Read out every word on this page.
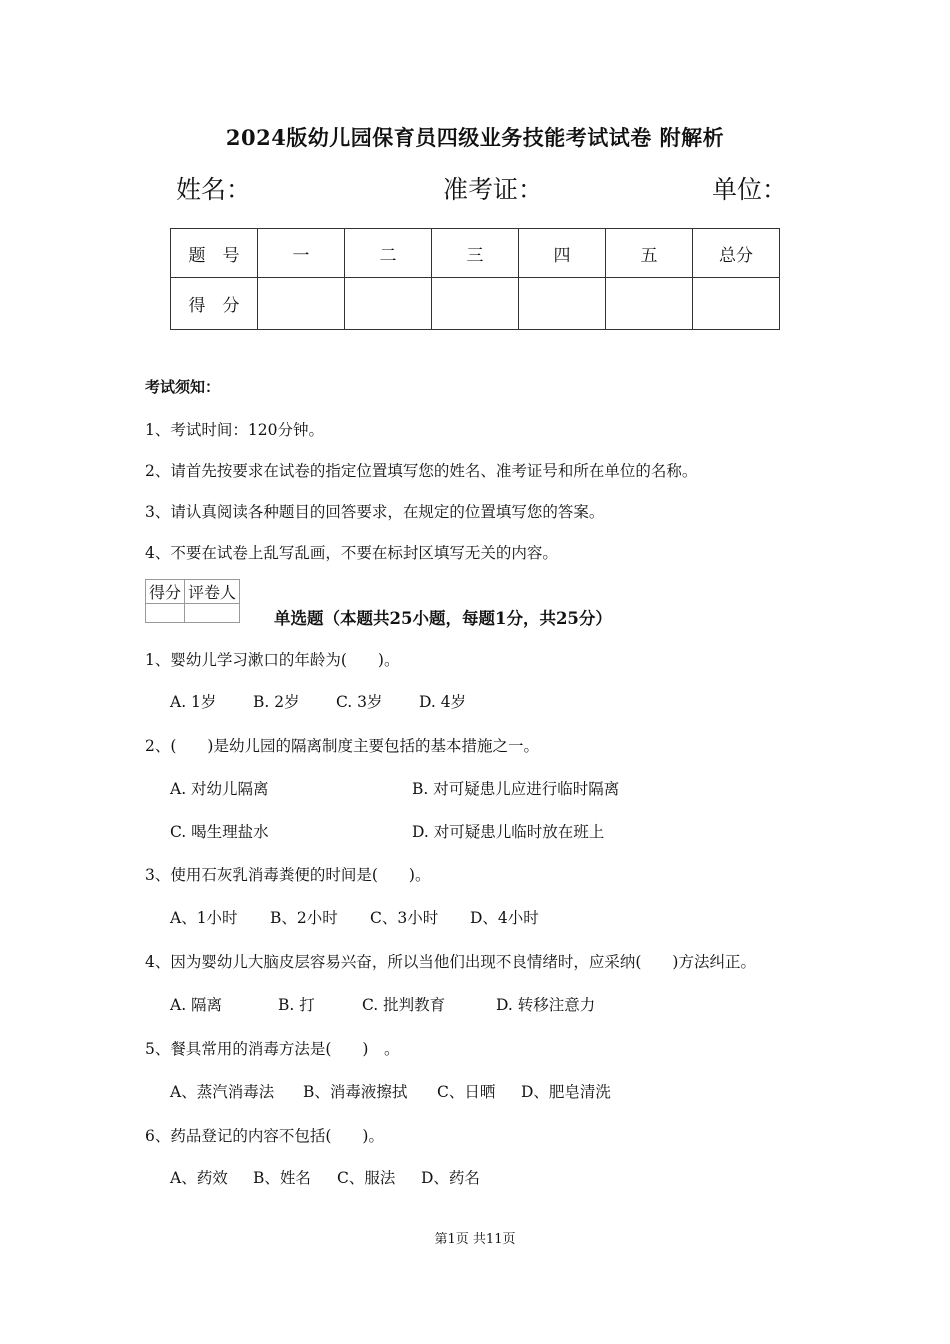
2024版幼儿园保育员四级业务技能考试试卷 附解析
姓名：	准考证：	单位：
题　号	一	二	三	四	五	总分
得　分						
考试须知：
1、考试时间：120分钟。
2、请首先按要求在试卷的指定位置填写您的姓名、准考证号和所在单位的名称。
3、请认真阅读各种题目的回答要求，在规定的位置填写您的答案。
4、不要在试卷上乱写乱画，不要在标封区填写无关的内容。
得分	评卷人

单选题（本题共25小题，每题1分，共25分）
1、婴幼儿学习漱口的年龄为(　　)。
A. 1岁 B. 2岁 C. 3岁 D. 4岁
2、(　　)是幼儿园的隔离制度主要包括的基本措施之一。
A. 对幼儿隔离	B. 对可疑患儿应进行临时隔离
C. 喝生理盐水	D. 对可疑患儿临时放在班上
3、使用石灰乳消毒粪便的时间是(　　)。
A、1小时 B、2小时 C、3小时 D、4小时
4、因为婴幼儿大脑皮层容易兴奋，所以当他们出现不良情绪时，应采纳(　　)方法纠正。
A. 隔离	B. 打	C. 批判教育	D. 转移注意力
5、餐具常用的消毒方法是(　　)　。
A、蒸汽消毒法 B、消毒液擦拭 C、日晒 D、肥皂清洗
6、药品登记的内容不包括(　　)。
A、药效 B、姓名 C、服法 D、药名
第1页 共11页
